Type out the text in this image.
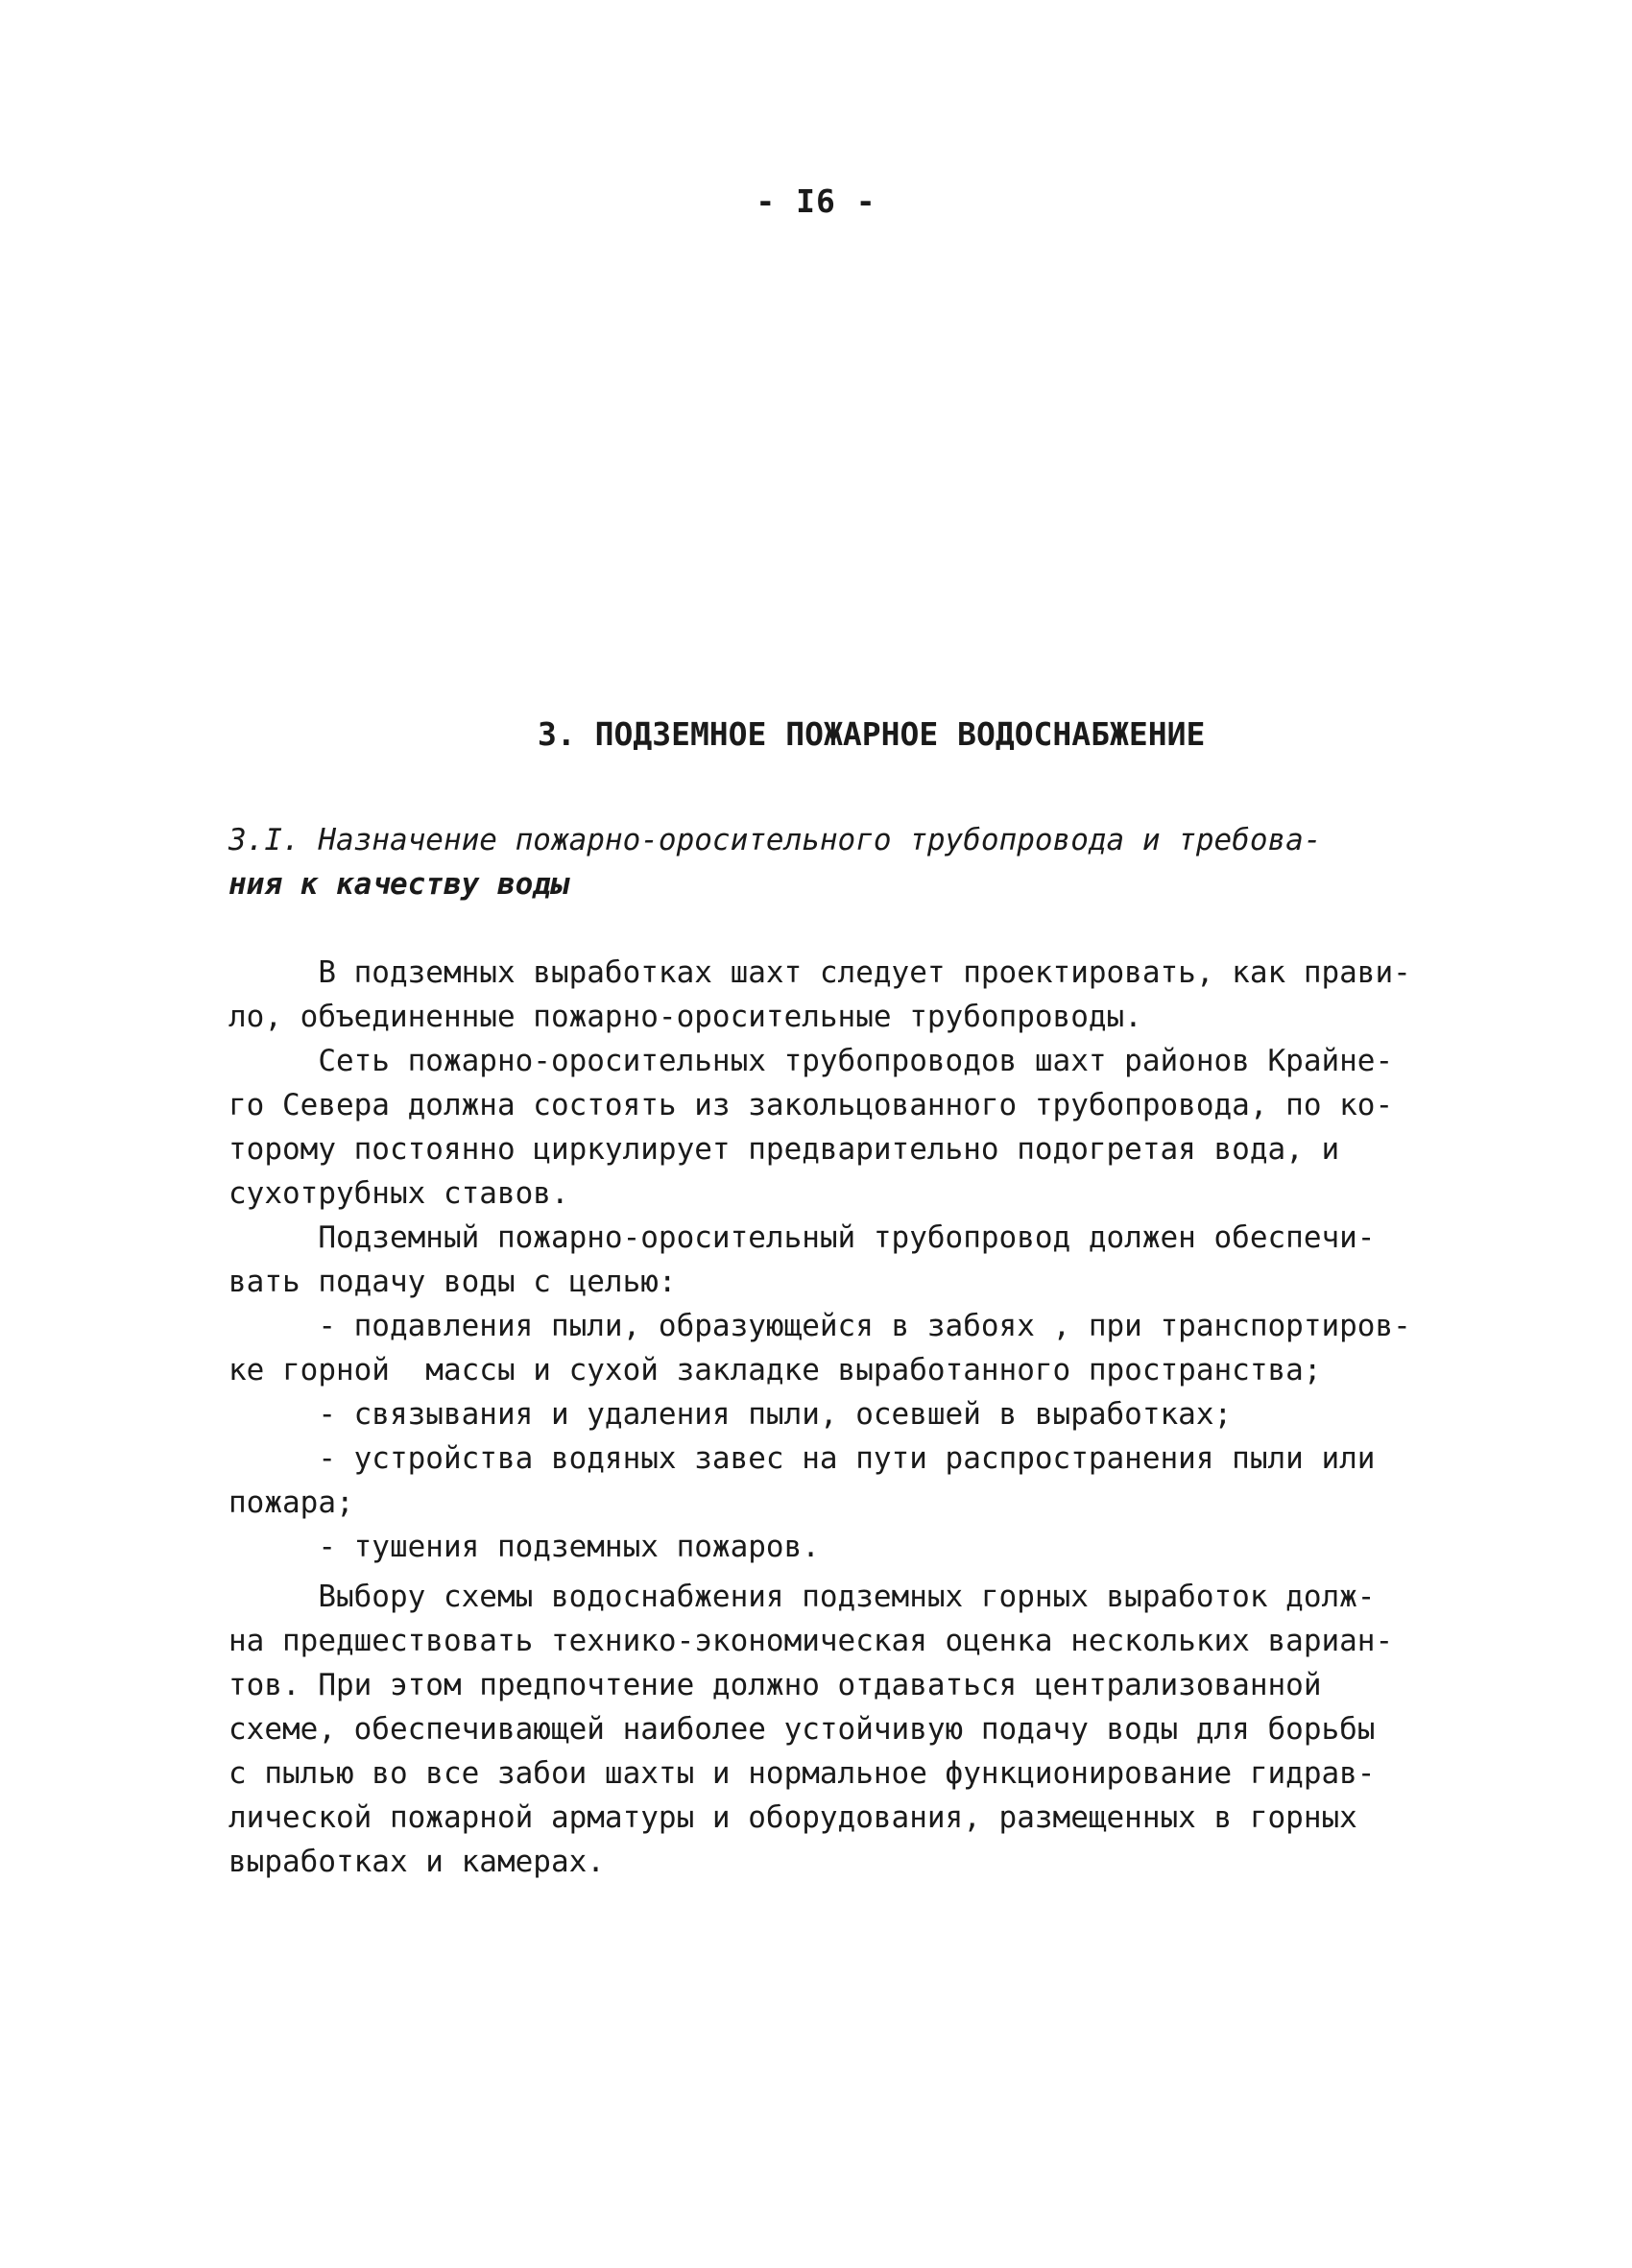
- I6 -
3. ПОДЗЕМНОЕ ПОЖАРНОЕ ВОДОСНАБЖЕНИЕ
3.I. Назначение пожарно-оросительного трубопровода и требова-
ния к качеству воды
В подземных выработках шахт следует проектировать, как прави-
ло, объединенные пожарно-оросительные трубопроводы.
Сеть пожарно-оросительных трубопроводов шахт районов Крайне-
го Севера должна состоять из закольцованного трубопровода, по ко-
торому постоянно циркулирует предварительно подогретая вода, и
сухотрубных ставов.
Подземный пожарно-оросительный трубопровод должен обеспечи-
вать подачу воды с целью:
- подавления пыли, образующейся в забоях , при транспортиров-
ке горной  массы и сухой закладке выработанного пространства;
- связывания и удаления пыли, осевшей в выработках;
- устройства водяных завес на пути распространения пыли или
пожара;
- тушения подземных пожаров.
Выбору схемы водоснабжения подземных горных выработок долж-
на предшествовать технико-экономическая оценка нескольких вариан-
тов. При этом предпочтение должно отдаваться централизованной
схеме, обеспечивающей наиболее устойчивую подачу воды для борьбы
с пылью во все забои шахты и нормальное функционирование гидрав-
лической пожарной арматуры и оборудования, размещенных в горных
выработках и камерах.
